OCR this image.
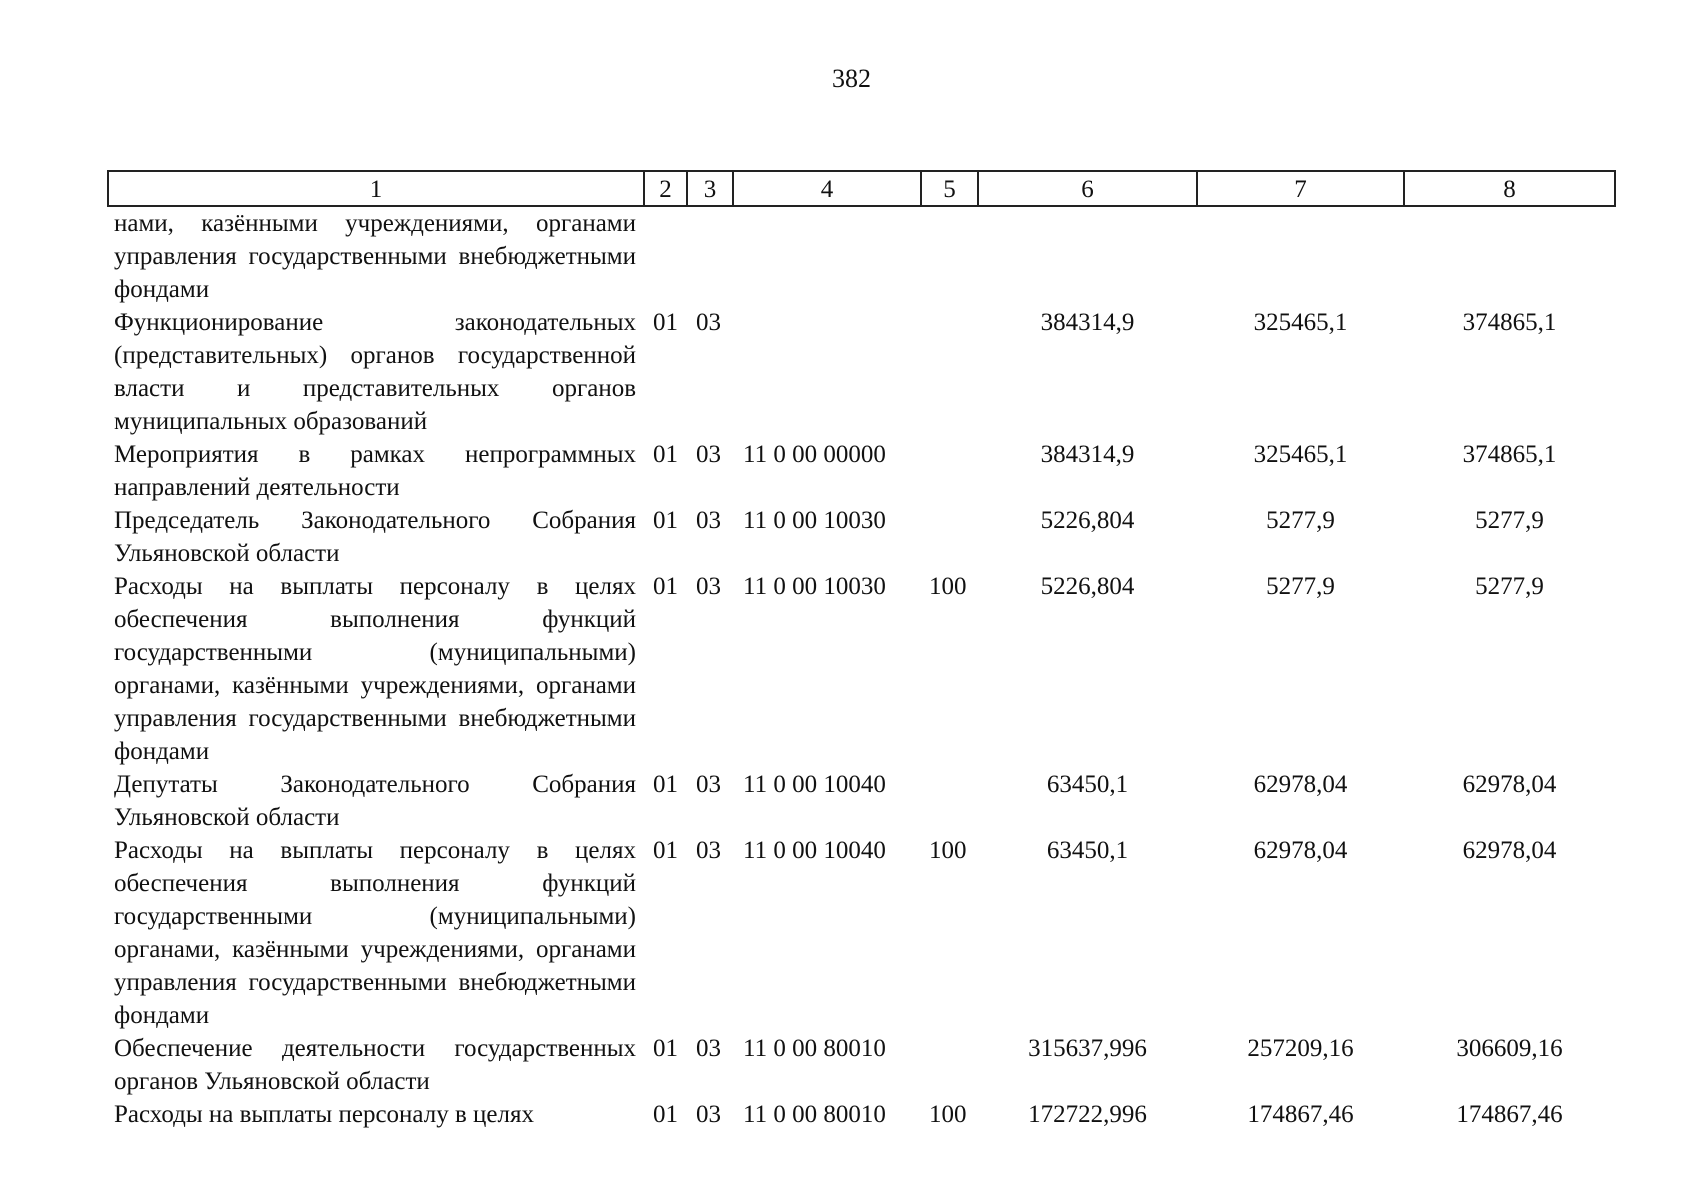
382
1	2	3	4	5	6	7	8
нами, казёнными учреждениями, органами управления государственными внебюджетными фондами							
Функционирование законодательных (представительных) органов государственной власти и представительных органов муниципальных образований	01	03			384314,9	325465,1	374865,1
Мероприятия в рамках непрограммных направлений деятельности	01	03	11 0 00 00000		384314,9	325465,1	374865,1
Председатель Законодательного Собрания Ульяновской области	01	03	11 0 00 10030		5226,804	5277,9	5277,9
Расходы на выплаты персоналу в целях обеспечения выполнения функций государственными (муниципальными) органами, казёнными учреждениями, органами управления государственными внебюджетными фондами	01	03	11 0 00 10030	100	5226,804	5277,9	5277,9
Депутаты Законодательного Собрания Ульяновской области	01	03	11 0 00 10040		63450,1	62978,04	62978,04
Расходы на выплаты персоналу в целях обеспечения выполнения функций государственными (муниципальными) органами, казёнными учреждениями, органами управления государственными внебюджетными фондами	01	03	11 0 00 10040	100	63450,1	62978,04	62978,04
Обеспечение деятельности государственных органов Ульяновской области	01	03	11 0 00 80010		315637,996	257209,16	306609,16
Расходы на выплаты персоналу в целях	01	03	11 0 00 80010	100	172722,996	174867,46	174867,46
